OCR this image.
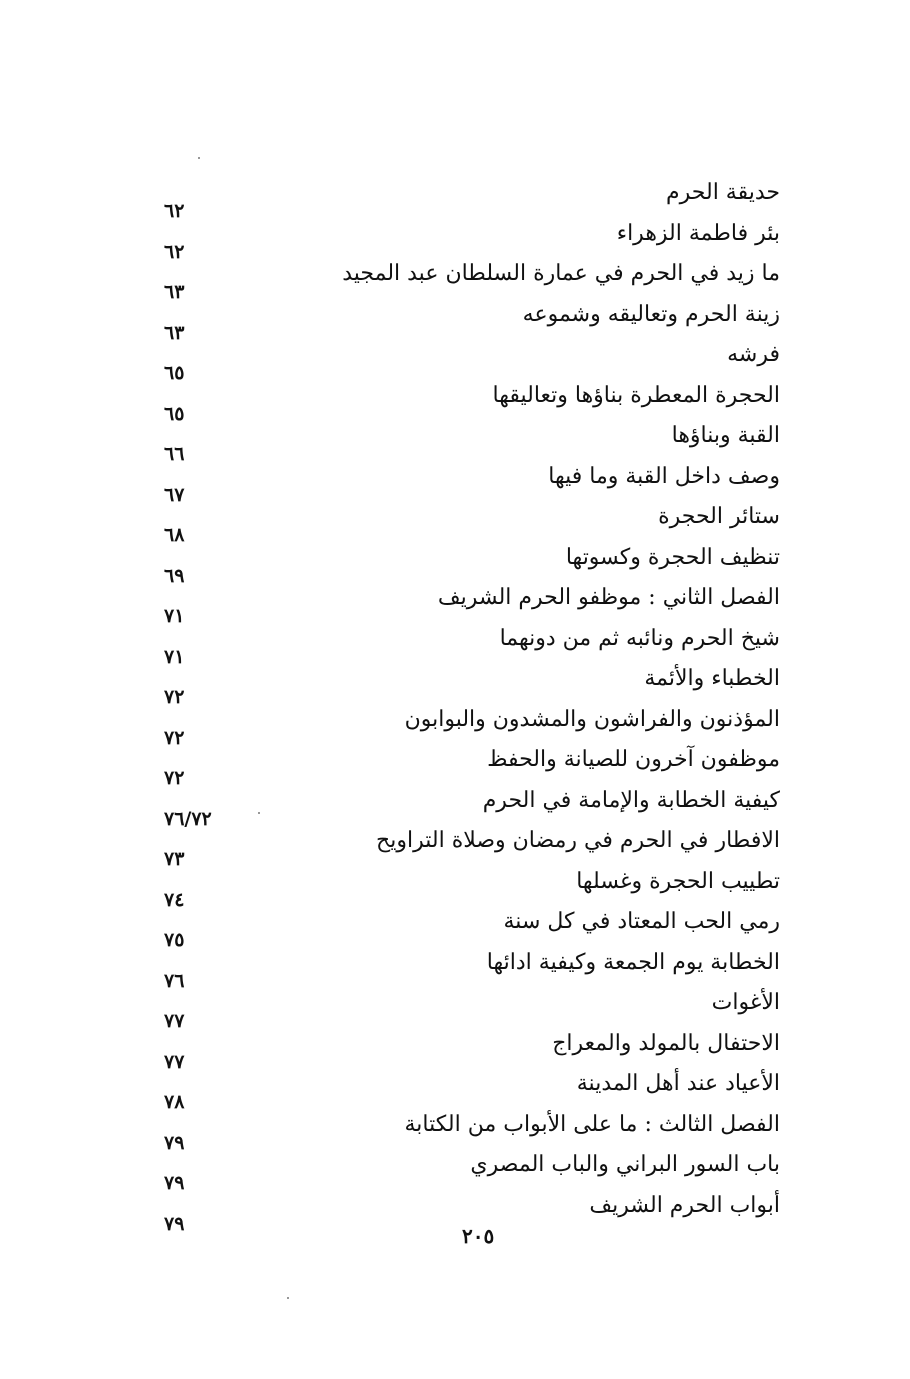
حديقة الحرم
٦٢
بئر فاطمة الزهراء
٦٢
ما زيد في الحرم في عمارة السلطان عبد المجيد
٦٣
زينة الحرم وتعاليقه وشموعه
٦٣
فرشه
٦٥
الحجرة المعطرة بناؤها وتعاليقها
٦٥
القبة وبناؤها
٦٦
وصف داخل القبة وما فيها
٦٧
ستائر الحجرة
٦٨
تنظيف الحجرة وكسوتها
٦٩
الفصل الثاني : موظفو الحرم الشريف
٧١
شيخ الحرم ونائبه ثم من دونهما
٧١
الخطباء والأئمة
٧٢
المؤذنون والفراشون والمشدون والبوابون
٧٢
موظفون آخرون للصيانة والحفظ
٧٢
كيفية الخطابة والإمامة في الحرم
٧٦/٧٢
الافطار في الحرم في رمضان وصلاة التراويح
٧٣
تطييب الحجرة وغسلها
٧٤
رمي الحب المعتاد في كل سنة
٧٥
الخطابة يوم الجمعة وكيفية ادائها
٧٦
الأغوات
٧٧
الاحتفال بالمولد والمعراج
٧٧
الأعياد عند أهل المدينة
٧٨
الفصل الثالث : ما على الأبواب من الكتابة
٧٩
باب السور البراني والباب المصري
٧٩
أبواب الحرم الشريف
٧٩
٢٠٥
